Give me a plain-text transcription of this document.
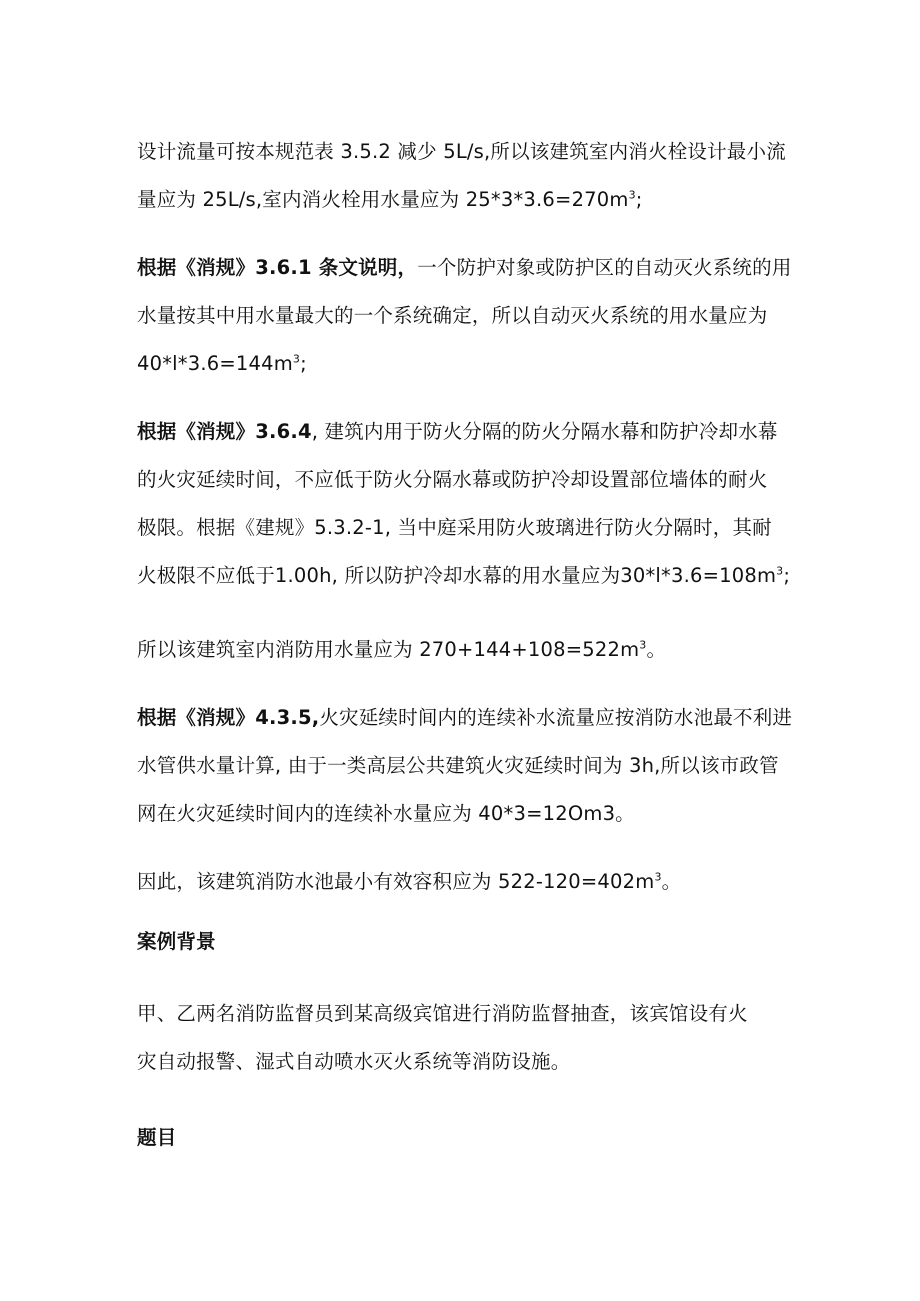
设计流量可按本规范表 3.5.2 减少 5L/s,所以该建筑室内消火栓设计最小流
量应为 25L/s,室内消火栓用水量应为 $25*3*3.6=270m^3$;
根据《消规》3.6.1 条文说明，一个防护对象或防护区的自动灭火系统的用
水量按其中用水量最大的一个系统确定，所以自动灭火系统的用水量应为
$40*l*3.6=144m^3$;
根据《消规》3.6.4, 建筑内用于防火分隔的防火分隔水幕和防护冷却水幕
的火灾延续时间，不应低于防火分隔水幕或防护冷却设置部位墙体的耐火
极限。根据《建规》5.3.2-1, 当中庭采用防火玻璃进行防火分隔时，其耐
火极限不应低于1.00h, 所以防护冷却水幕的用水量应为$30*l*3.6=108m^3$;
所以该建筑室内消防用水量应为 $270+144+108=522m^3$。
根据《消规》4.3.5,火灾延续时间内的连续补水流量应按消防水池最不利进
水管供水量计算, 由于一类高层公共建筑火灾延续时间为 3h,所以该市政管
网在火灾延续时间内的连续补水量应为 40*3=12Om3。
因此，该建筑消防水池最小有效容积应为 $522-120=402m^3$。
案例背景
甲、乙两名消防监督员到某高级宾馆进行消防监督抽查，该宾馆设有火
灾自动报警、湿式自动喷水灭火系统等消防设施。
题目
